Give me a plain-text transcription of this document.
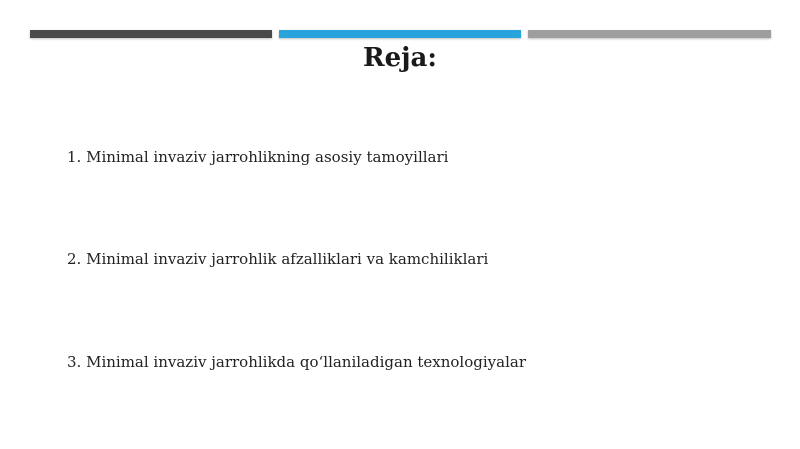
Reja:
1. Minimal invaziv jarrohlikning asosiy tamoyillari
2. Minimal invaziv jarrohlik afzalliklari va kamchiliklari
3. Minimal invaziv jarrohlikda qo‘llaniladigan texnologiyalar
